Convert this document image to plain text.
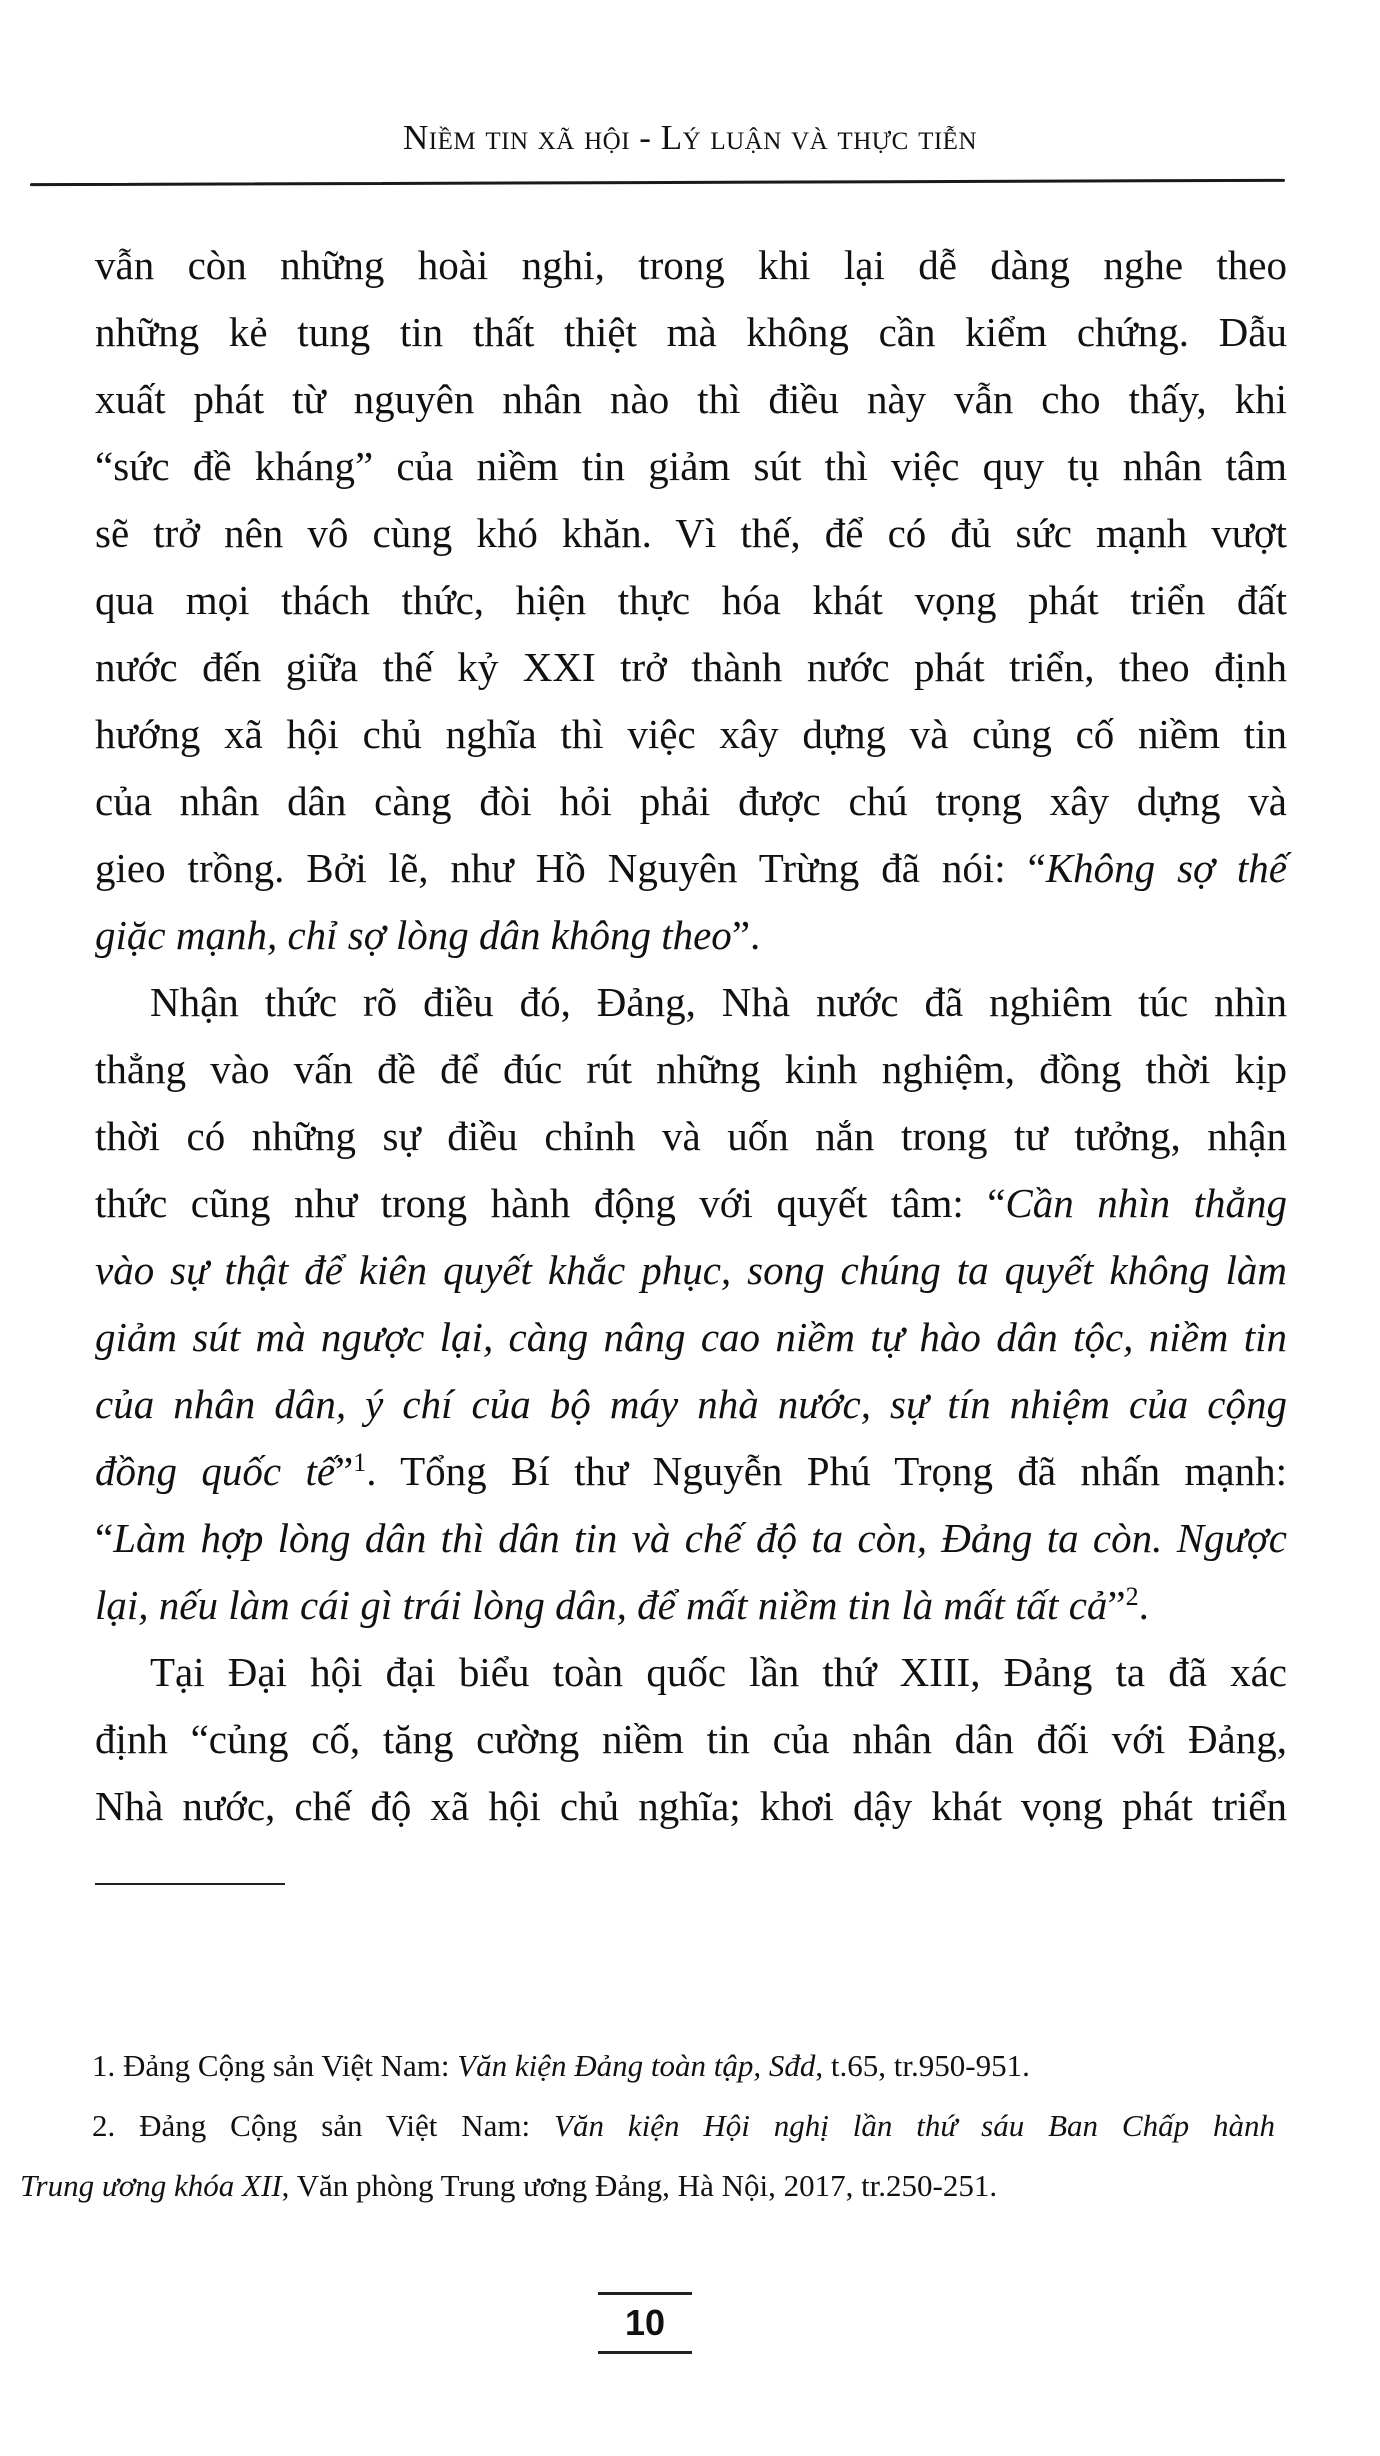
Niềm tin xã hội - Lý luận và thực tiễn
vẫn còn những hoài nghi, trong khi lại dễ dàng nghe theo
những kẻ tung tin thất thiệt mà không cần kiểm chứng. Dẫu
xuất phát từ nguyên nhân nào thì điều này vẫn cho thấy, khi
“sức đề kháng” của niềm tin giảm sút thì việc quy tụ nhân tâm
sẽ trở nên vô cùng khó khăn. Vì thế, để có đủ sức mạnh vượt
qua mọi thách thức, hiện thực hóa khát vọng phát triển đất
nước đến giữa thế kỷ XXI trở thành nước phát triển, theo định
hướng xã hội chủ nghĩa thì việc xây dựng và củng cố niềm tin
của nhân dân càng đòi hỏi phải được chú trọng xây dựng và
gieo trồng. Bởi lẽ, như Hồ Nguyên Trừng đã nói: “Không sợ thế
giặc mạnh, chỉ sợ lòng dân không theo”.
Nhận thức rõ điều đó, Đảng, Nhà nước đã nghiêm túc nhìn
thẳng vào vấn đề để đúc rút những kinh nghiệm, đồng thời kịp
thời có những sự điều chỉnh và uốn nắn trong tư tưởng, nhận
thức cũng như trong hành động với quyết tâm: “Cần nhìn thẳng
vào sự thật để kiên quyết khắc phục, song chúng ta quyết không làm
giảm sút mà ngược lại, càng nâng cao niềm tự hào dân tộc, niềm tin
của nhân dân, ý chí của bộ máy nhà nước, sự tín nhiệm của cộng
đồng quốc tế”$^1$. Tổng Bí thư Nguyễn Phú Trọng đã nhấn mạnh:
“Làm hợp lòng dân thì dân tin và chế độ ta còn, Đảng ta còn. Ngược
lại, nếu làm cái gì trái lòng dân, để mất niềm tin là mất tất cả”$^2$.
Tại Đại hội đại biểu toàn quốc lần thứ XIII, Đảng ta đã xác
định “củng cố, tăng cường niềm tin của nhân dân đối với Đảng,
Nhà nước, chế độ xã hội chủ nghĩa; khơi dậy khát vọng phát triển
1. Đảng Cộng sản Việt Nam: Văn kiện Đảng toàn tập, Sđd, t.65, tr.950-951.
2. Đảng Cộng sản Việt Nam: Văn kiện Hội nghị lần thứ sáu Ban Chấp hành
Trung ương khóa XII, Văn phòng Trung ương Đảng, Hà Nội, 2017, tr.250-251.
10
